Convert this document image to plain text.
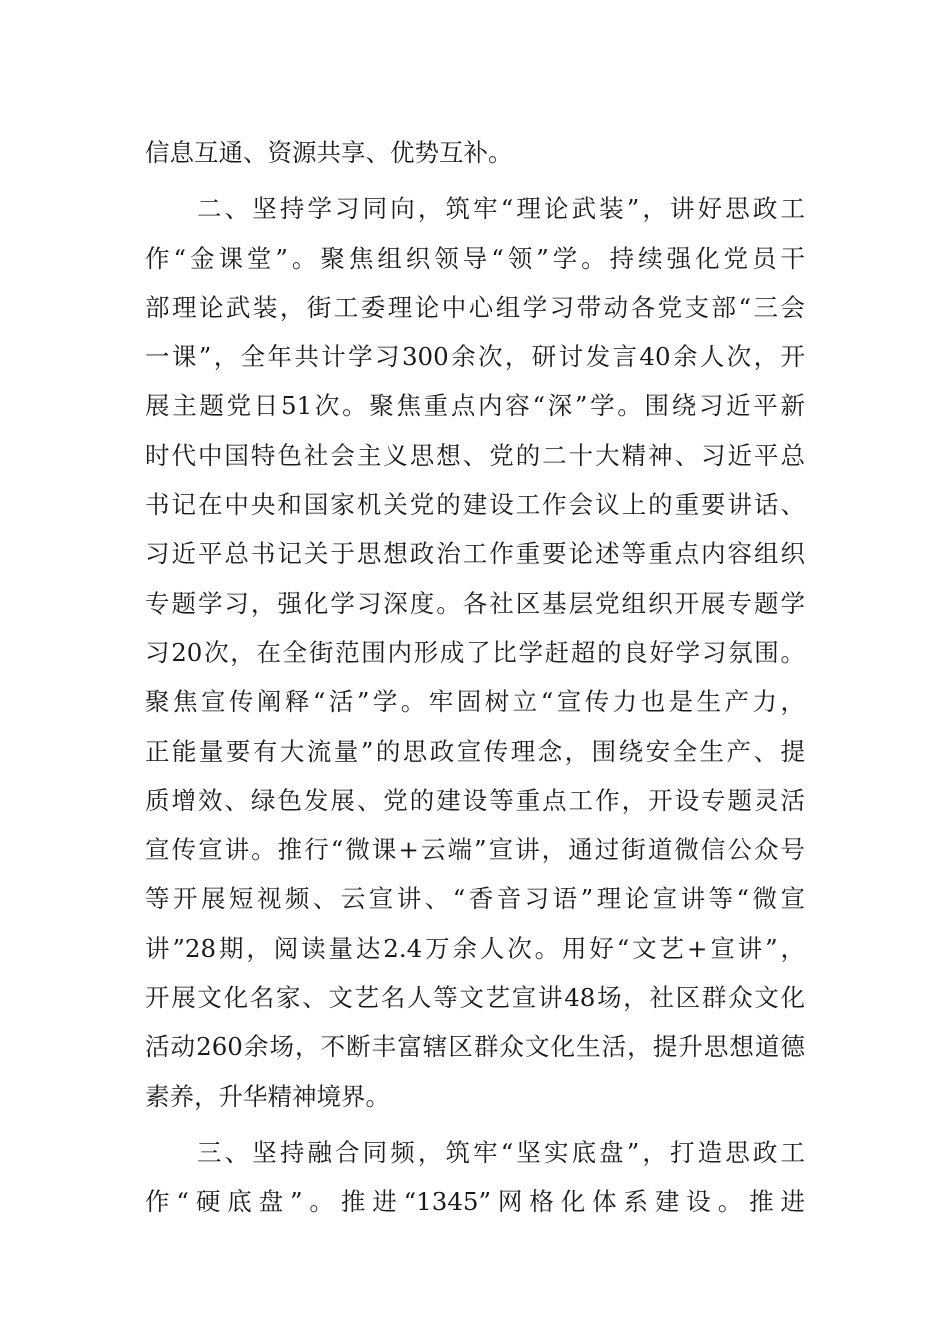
信息互通、资源共享、优势互补。
二、坚持学习同向，筑牢“理论武装”，讲好思政工
作“金课堂”。聚焦组织领导“领”学。持续强化党员干
部理论武装，街工委理论中心组学习带动各党支部“三会
一课”，全年共计学习300余次，研讨发言40余人次，开
展主题党日51次。聚焦重点内容“深”学。围绕习近平新
时代中国特色社会主义思想、党的二十大精神、习近平总
书记在中央和国家机关党的建设工作会议上的重要讲话、
习近平总书记关于思想政治工作重要论述等重点内容组织
专题学习，强化学习深度。各社区基层党组织开展专题学
习20次，在全街范围内形成了比学赶超的良好学习氛围。
聚焦宣传阐释“活”学。牢固树立“宣传力也是生产力，
正能量要有大流量”的思政宣传理念，围绕安全生产、提
质增效、绿色发展、党的建设等重点工作，开设专题灵活
宣传宣讲。推行“微课+云端”宣讲，通过街道微信公众号
等开展短视频、云宣讲、“香音习语”理论宣讲等“微宣
讲”28期，阅读量达2.4万余人次。用好“文艺+宣讲”，
开展文化名家、文艺名人等文艺宣讲48场，社区群众文化
活动260余场，不断丰富辖区群众文化生活，提升思想道德
素养，升华精神境界。
三、坚持融合同频，筑牢“坚实底盘”，打造思政工
作“硬底盘”。推进“1345”网格化体系建设。推进
